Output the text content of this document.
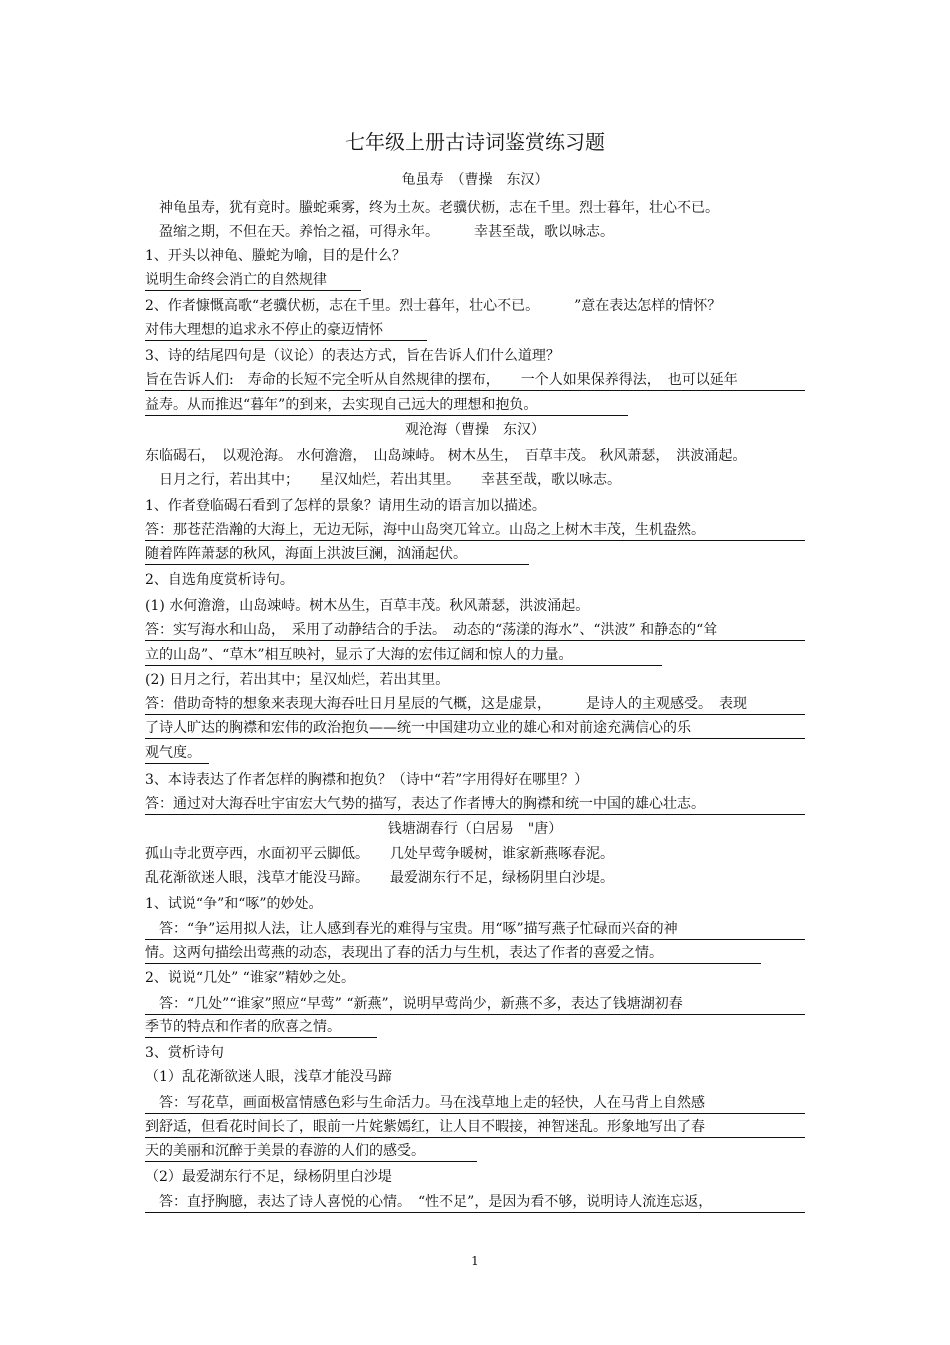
七年级上册古诗词鉴赏练习题
龟虽寿　（曹操　东汉）
　神龟虽寿，犹有竟时。螣蛇乘雾，终为土灰。老骥伏枥，志在千里。烈士暮年，壮心不已。
　盈缩之期，不但在天。养怡之福，可得永年。　　　幸甚至哉，歌以咏志。
1、开头以神龟、螣蛇为喻，目的是什么？
说明生命终会消亡的自然规律
2、作者慷慨高歌“老骥伏枥，志在千里。烈士暮年，壮心不已。　　　”意在表达怎样的情怀？
对伟大理想的追求永不停止的豪迈情怀
3、诗的结尾四句是（议论）的表达方式，旨在告诉人们什么道理？
旨在告诉人们:　寿命的长短不完全听从自然规律的摆布，　　一个人如果保养得法，　也可以延年
益寿。从而推迟“暮年”的到来，去实现自己远大的理想和抱负。
观沧海（曹操　东汉）
东临碣石，　以观沧海。 水何澹澹，　山岛竦峙。 树木丛生，　百草丰茂。 秋风萧瑟，　洪波涌起。
　日月之行，若出其中；　　星汉灿烂，若出其里。　　幸甚至哉，歌以咏志。
1、作者登临碣石看到了怎样的景象？请用生动的语言加以描述。
答：那苍茫浩瀚的大海上，无边无际，海中山岛突兀耸立。山岛之上树木丰茂，生机盎然。
随着阵阵萧瑟的秋风，海面上洪波巨澜，汹涌起伏。
2、自选角度赏析诗句。
(1) 水何澹澹，山岛竦峙。树木丛生，百草丰茂。秋风萧瑟，洪波涌起。
答：实写海水和山岛，　采用了动静结合的手法。　动态的“荡漾的海水”、“洪波” 和静态的“耸
立的山岛”、“草木”相互映衬，显示了大海的宏伟辽阔和惊人的力量。
(2) 日月之行，若出其中；星汉灿烂，若出其里。
答：借助奇特的想象来表现大海吞吐日月星辰的气概，这是虚景，　　　是诗人的主观感受。　表现
了诗人旷达的胸襟和宏伟的政治抱负——统一中国建功立业的雄心和对前途充满信心的乐
观气度。
3、本诗表达了作者怎样的胸襟和抱负？（诗中“若”字用得好在哪里？）
答：通过对大海吞吐宇宙宏大气势的描写，表达了作者博大的胸襟和统一中国的雄心壮志。
钱塘湖春行（白居易　"唐）
孤山寺北贾亭西，水面初平云脚低。　　几处早莺争暖树，谁家新燕啄春泥。
乱花渐欲迷人眼，浅草才能没马蹄。　　最爱湖东行不足，绿杨阴里白沙堤。
1、试说“争”和“啄”的妙处。
　答：“争”运用拟人法，让人感到春光的难得与宝贵。用“啄”描写燕子忙碌而兴奋的神
情。这两句描绘出莺燕的动态，表现出了春的活力与生机，表达了作者的喜爱之情。
2、说说“几处” “谁家”精妙之处。
　答：“几处”“谁家”照应“早莺” “新燕”，说明早莺尚少，新燕不多，表达了钱塘湖初春
季节的特点和作者的欣喜之情。
3、赏析诗句
（1）乱花渐欲迷人眼，浅草才能没马蹄
　答：写花草，画面极富情感色彩与生命活力。马在浅草地上走的轻快，人在马背上自然感
到舒适，但看花时间长了，眼前一片姹紫嫣红，让人目不暇接，神智迷乱。形象地写出了春
天的美丽和沉醉于美景的春游的人们的感受。
（2）最爱湖东行不足，绿杨阴里白沙堤
　答：直抒胸臆，表达了诗人喜悦的心情。　“性不足”，是因为看不够，说明诗人流连忘返，
1
